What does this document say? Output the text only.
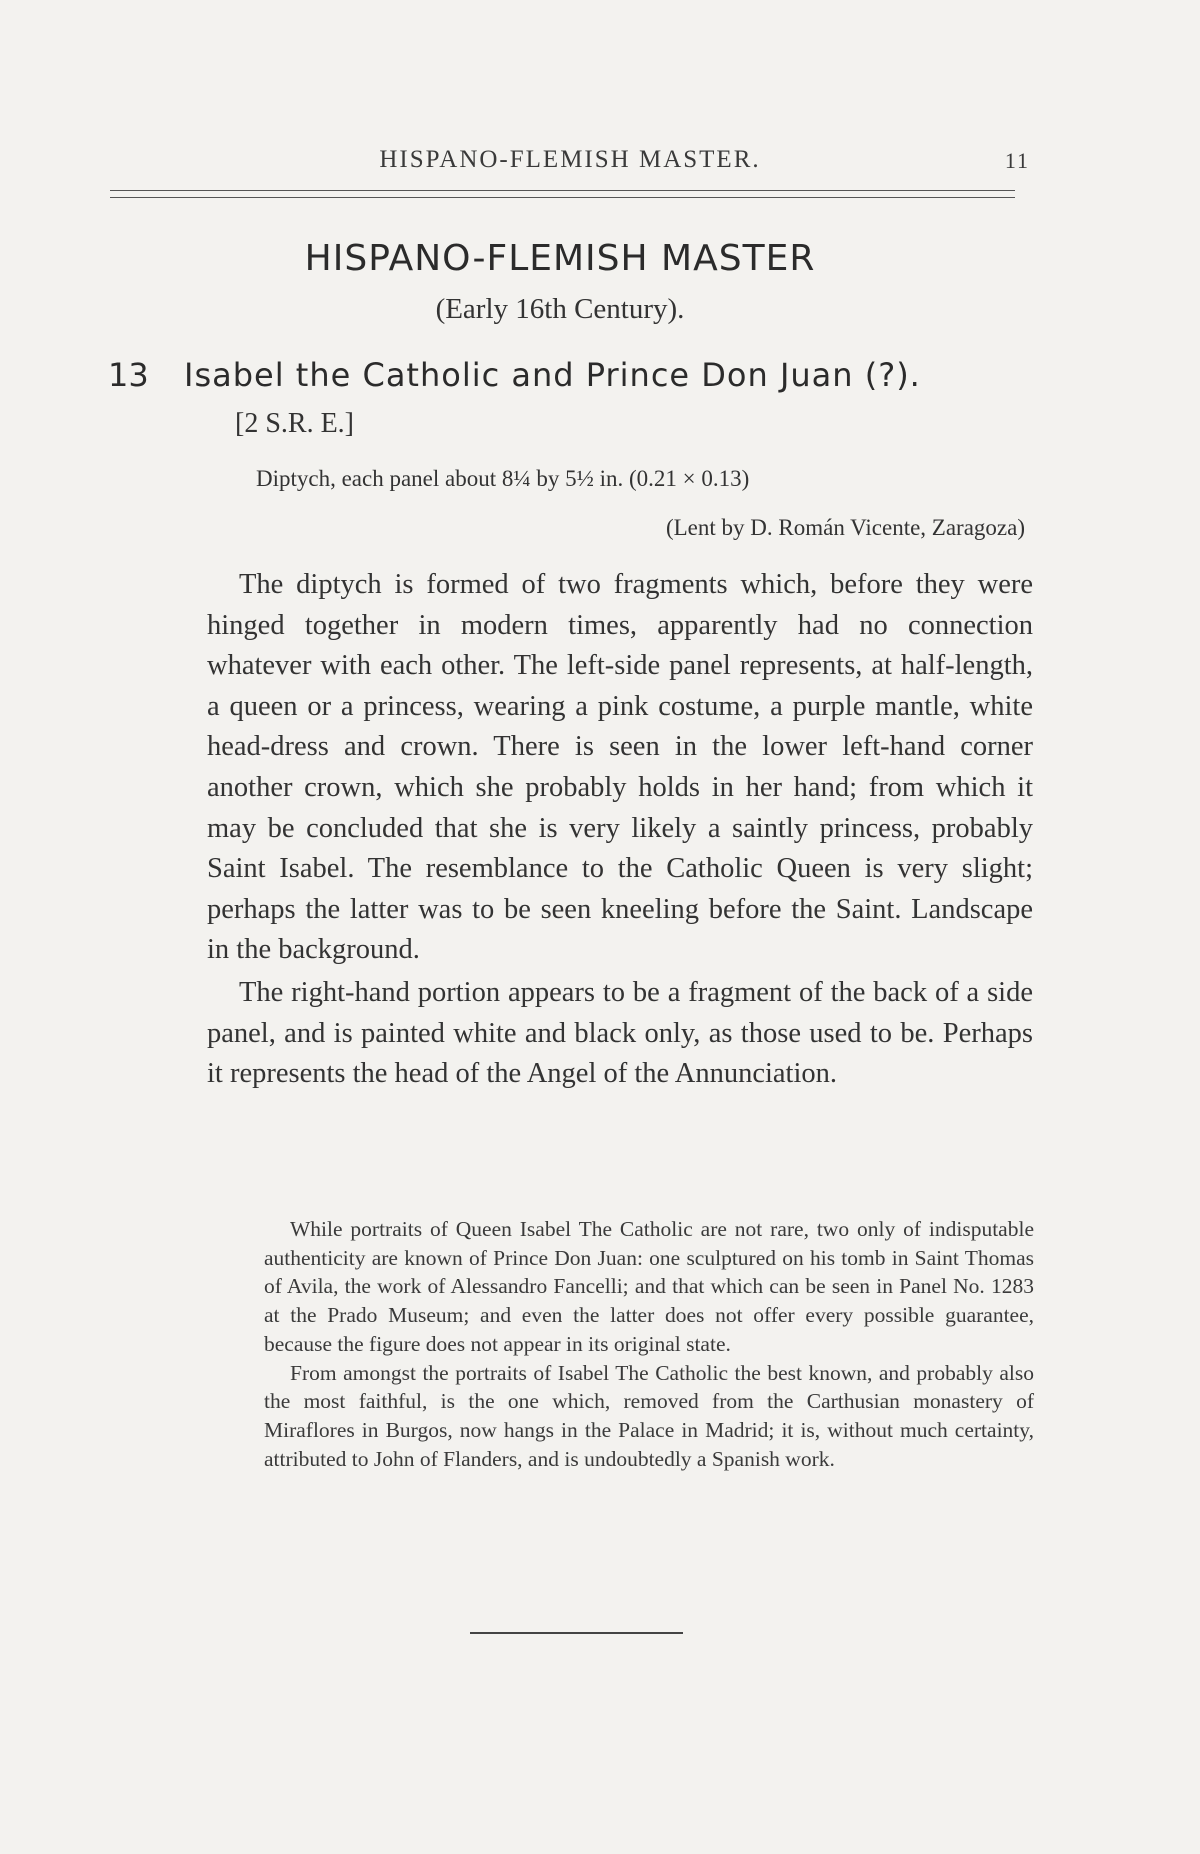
HISPANO-FLEMISH MASTER.	11
HISPANO-FLEMISH MASTER
(Early 16th Century).
13 Isabel the Catholic and Prince Don Juan (?).
[2 S.R. E.]
Diptych, each panel about 8¼ by 5½ in. (0.21 × 0.13)
(Lent by D. Román Vicente, Zaragoza)

The diptych is formed of two fragments which, before they were hinged together in modern times, apparently had no connection whatever with each other. The left-side panel represents, at half-length, a queen or a princess, wearing a pink costume, a purple mantle, white head-dress and crown. There is seen in the lower left-hand corner another crown, which she probably holds in her hand; from which it may be concluded that she is very likely a saintly princess, probably Saint Isabel. The resemblance to the Catholic Queen is very slight; perhaps the latter was to be seen kneeling before the Saint. Landscape in the background.

The right-hand portion appears to be a fragment of the back of a side panel, and is painted white and black only, as those used to be. Perhaps it represents the head of the Angel of the Annunciation.

While portraits of Queen Isabel The Catholic are not rare, two only of indisputable authenticity are known of Prince Don Juan: one sculptured on his tomb in Saint Thomas of Avila, the work of Alessandro Fancelli; and that which can be seen in Panel No. 1283 at the Prado Museum; and even the latter does not offer every possible guarantee, because the figure does not appear in its original state.

From amongst the portraits of Isabel The Catholic the best known, and probably also the most faithful, is the one which, removed from the Carthusian monastery of Miraflores in Burgos, now hangs in the Palace in Madrid; it is, without much certainty, attributed to John of Flanders, and is undoubtedly a Spanish work.
